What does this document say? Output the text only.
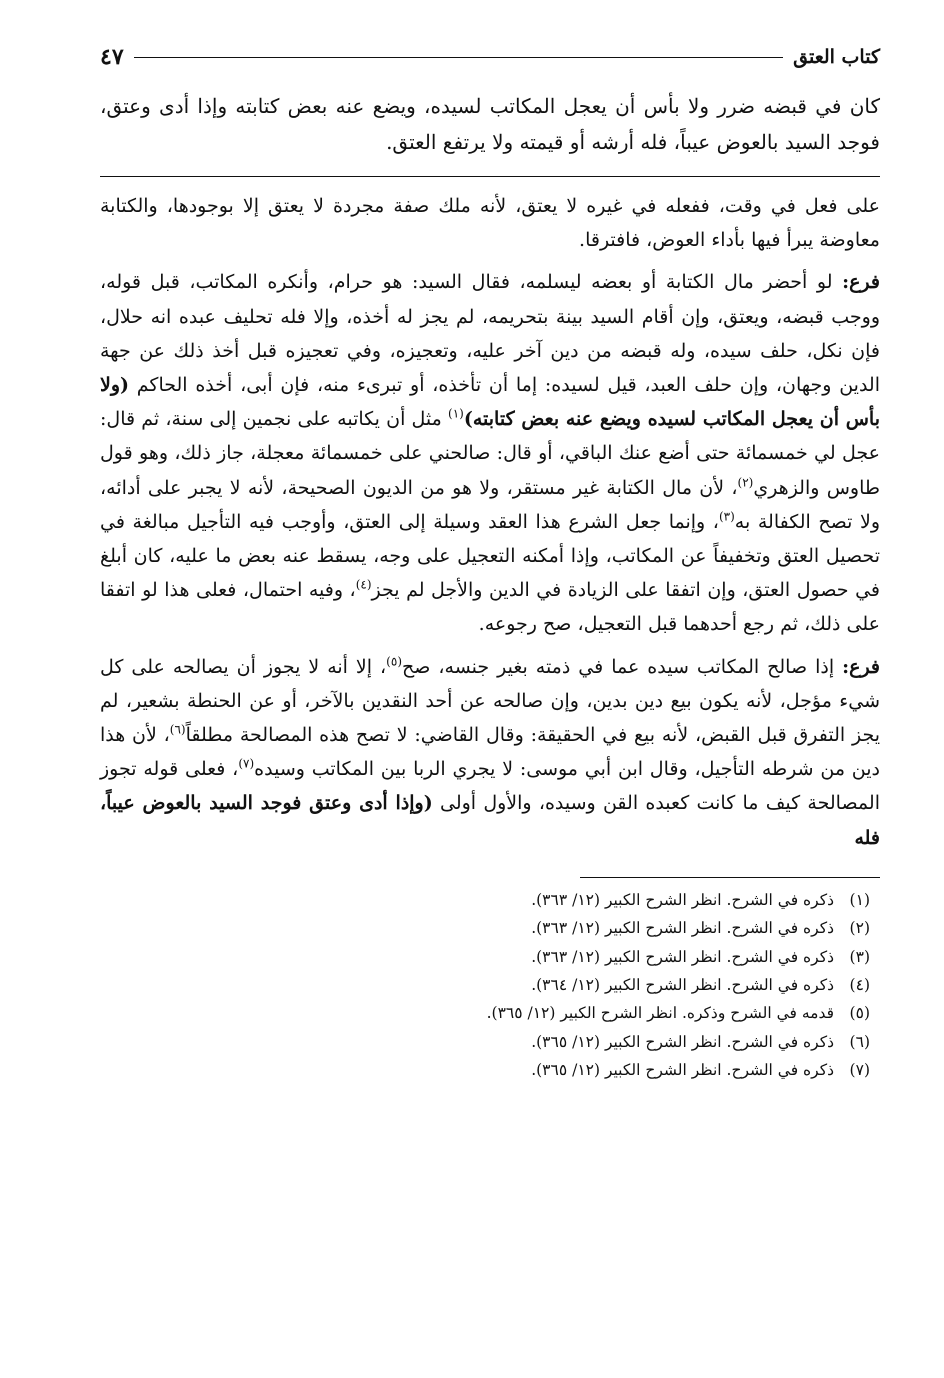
كتاب العتق
٤٧
كان في قبضه ضرر ولا بأس أن يعجل المكاتب لسيده، ويضع عنه بعض كتابته وإذا أدى وعتق، فوجد السيد بالعوض عيباً، فله أرشه أو قيمته ولا يرتفع العتق.

على فعل في وقت، ففعله في غيره لا يعتق، لأنه ملك صفة مجردة لا يعتق إلا بوجودها، والكتابة معاوضة يبرأ فيها بأداء العوض، فافترقا.

فرع: لو أحضر مال الكتابة أو بعضه ليسلمه، فقال السيد: هو حرام، وأنكره المكاتب، قبل قوله، ووجب قبضه، ويعتق، وإن أقام السيد بينة بتحريمه، لم يجز له أخذه، وإلا فله تحليف عبده انه حلال، فإن نكل، حلف سيده، وله قبضه من دين آخر عليه، وتعجيزه، وفي تعجيزه قبل أخذ ذلك عن جهة الدين وجهان، وإن حلف العبد، قيل لسيده: إما أن تأخذه، أو تبرىء منه، فإن أبى، أخذه الحاكم (ولا بأس أن يعجل المكاتب لسيده ويضع عنه بعض كتابته)$^{(١)}$ مثل أن يكاتبه على نجمين إلى سنة، ثم قال: عجل لي خمسمائة حتى أضع عنك الباقي، أو قال: صالحني على خمسمائة معجلة، جاز ذلك، وهو قول طاوس والزهري$^{(٢)}$، لأن مال الكتابة غير مستقر، ولا هو من الديون الصحيحة، لأنه لا يجبر على أدائه، ولا تصح الكفالة به$^{(٣)}$، وإنما جعل الشرع هذا العقد وسيلة إلى العتق، وأوجب فيه التأجيل مبالغة في تحصيل العتق وتخفيفاً عن المكاتب، وإذا أمكنه التعجيل على وجه، يسقط عنه بعض ما عليه، كان أبلغ في حصول العتق، وإن اتفقا على الزيادة في الدين والأجل لم يجز$^{(٤)}$، وفيه احتمال، فعلى هذا لو اتفقا على ذلك، ثم رجع أحدهما قبل التعجيل، صح رجوعه.

فرع: إذا صالح المكاتب سيده عما في ذمته بغير جنسه، صح$^{(٥)}$، إلا أنه لا يجوز أن يصالحه على كل شيء مؤجل، لأنه يكون بيع دين بدين، وإن صالحه عن أحد النقدين بالآخر، أو عن الحنطة بشعير، لم يجز التفرق قبل القبض، لأنه بيع في الحقيقة: وقال القاضي: لا تصح هذه المصالحة مطلقاً$^{(٦)}$، لأن هذا دين من شرطه التأجيل، وقال ابن أبي موسى: لا يجري الربا بين المكاتب وسيده$^{(٧)}$، فعلى قوله تجوز المصالحة كيف ما كانت كعبده القن وسيده، والأول أولى (وإذا أدى وعتق فوجد السيد بالعوض عيباً، فله

(١)
ذكره في الشرح. انظر الشرح الكبير (١٢/ ٣٦٣).
(٢)
ذكره في الشرح. انظر الشرح الكبير (١٢/ ٣٦٣).
(٣)
ذكره في الشرح. انظر الشرح الكبير (١٢/ ٣٦٣).
(٤)
ذكره في الشرح. انظر الشرح الكبير (١٢/ ٣٦٤).
(٥)
قدمه في الشرح وذكره. انظر الشرح الكبير (١٢/ ٣٦٥).
(٦)
ذكره في الشرح. انظر الشرح الكبير (١٢/ ٣٦٥).
(٧)
ذكره في الشرح. انظر الشرح الكبير (١٢/ ٣٦٥).
